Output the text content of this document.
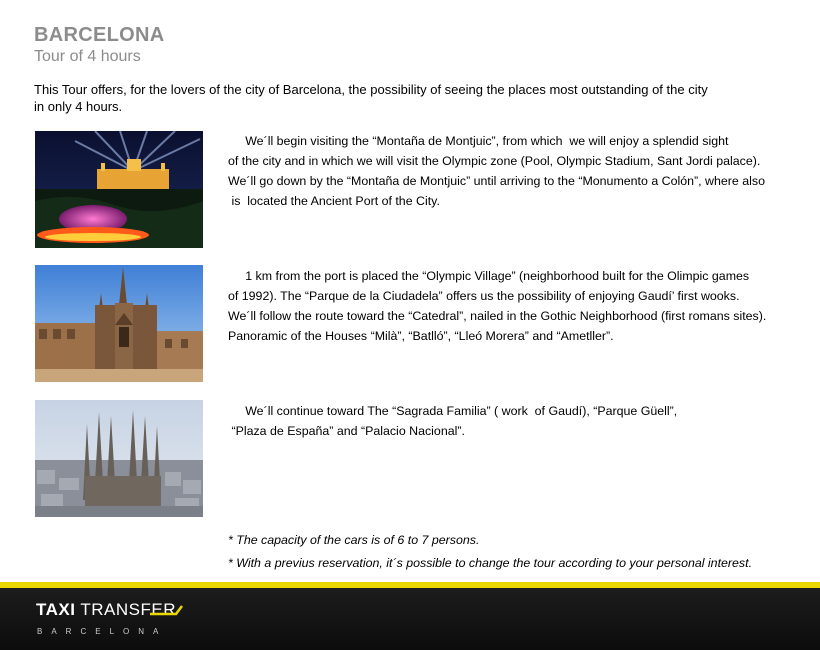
BARCELONA
Tour of 4 hours
This Tour offers, for the lovers of the city of Barcelona, the possibility of seeing the places most outstanding of the city
in only 4 hours.

We´ll begin visiting the “Montaña de Montjuic”, from which  we will enjoy a splendid sight

of the city and in which we will visit the Olympic zone (Pool, Olympic Stadium, Sant Jordi palace).

We´ll go down by the “Montaña de Montjuic” until arriving to the “Monumento a Colón”, where also

is  located the Ancient Port of the City.

1 km from the port is placed the “Olympic Village” (neighborhood built for the Olimpic games

of 1992). The “Parque de la Ciudadela” offers us the possibility of enjoying Gaudí’ first wooks.

We´ll follow the route toward the “Catedral”, nailed in the Gothic Neighborhood (first romans sites).

Panoramic of the Houses “Milà”, “Batlló”, “Lleó Morera” and “Ametller”.

We´ll continue toward The “Sagrada Familia” ( work  of Gaudí), “Parque Güell”,

“Plaza de España” and “Palacio Nacional”.

* The capacity of the cars is of 6 to 7 persons.

* With a previus reservation, it´s possible to change the tour according to your personal interest.

TAXI TRANSFER
BARCELONA
